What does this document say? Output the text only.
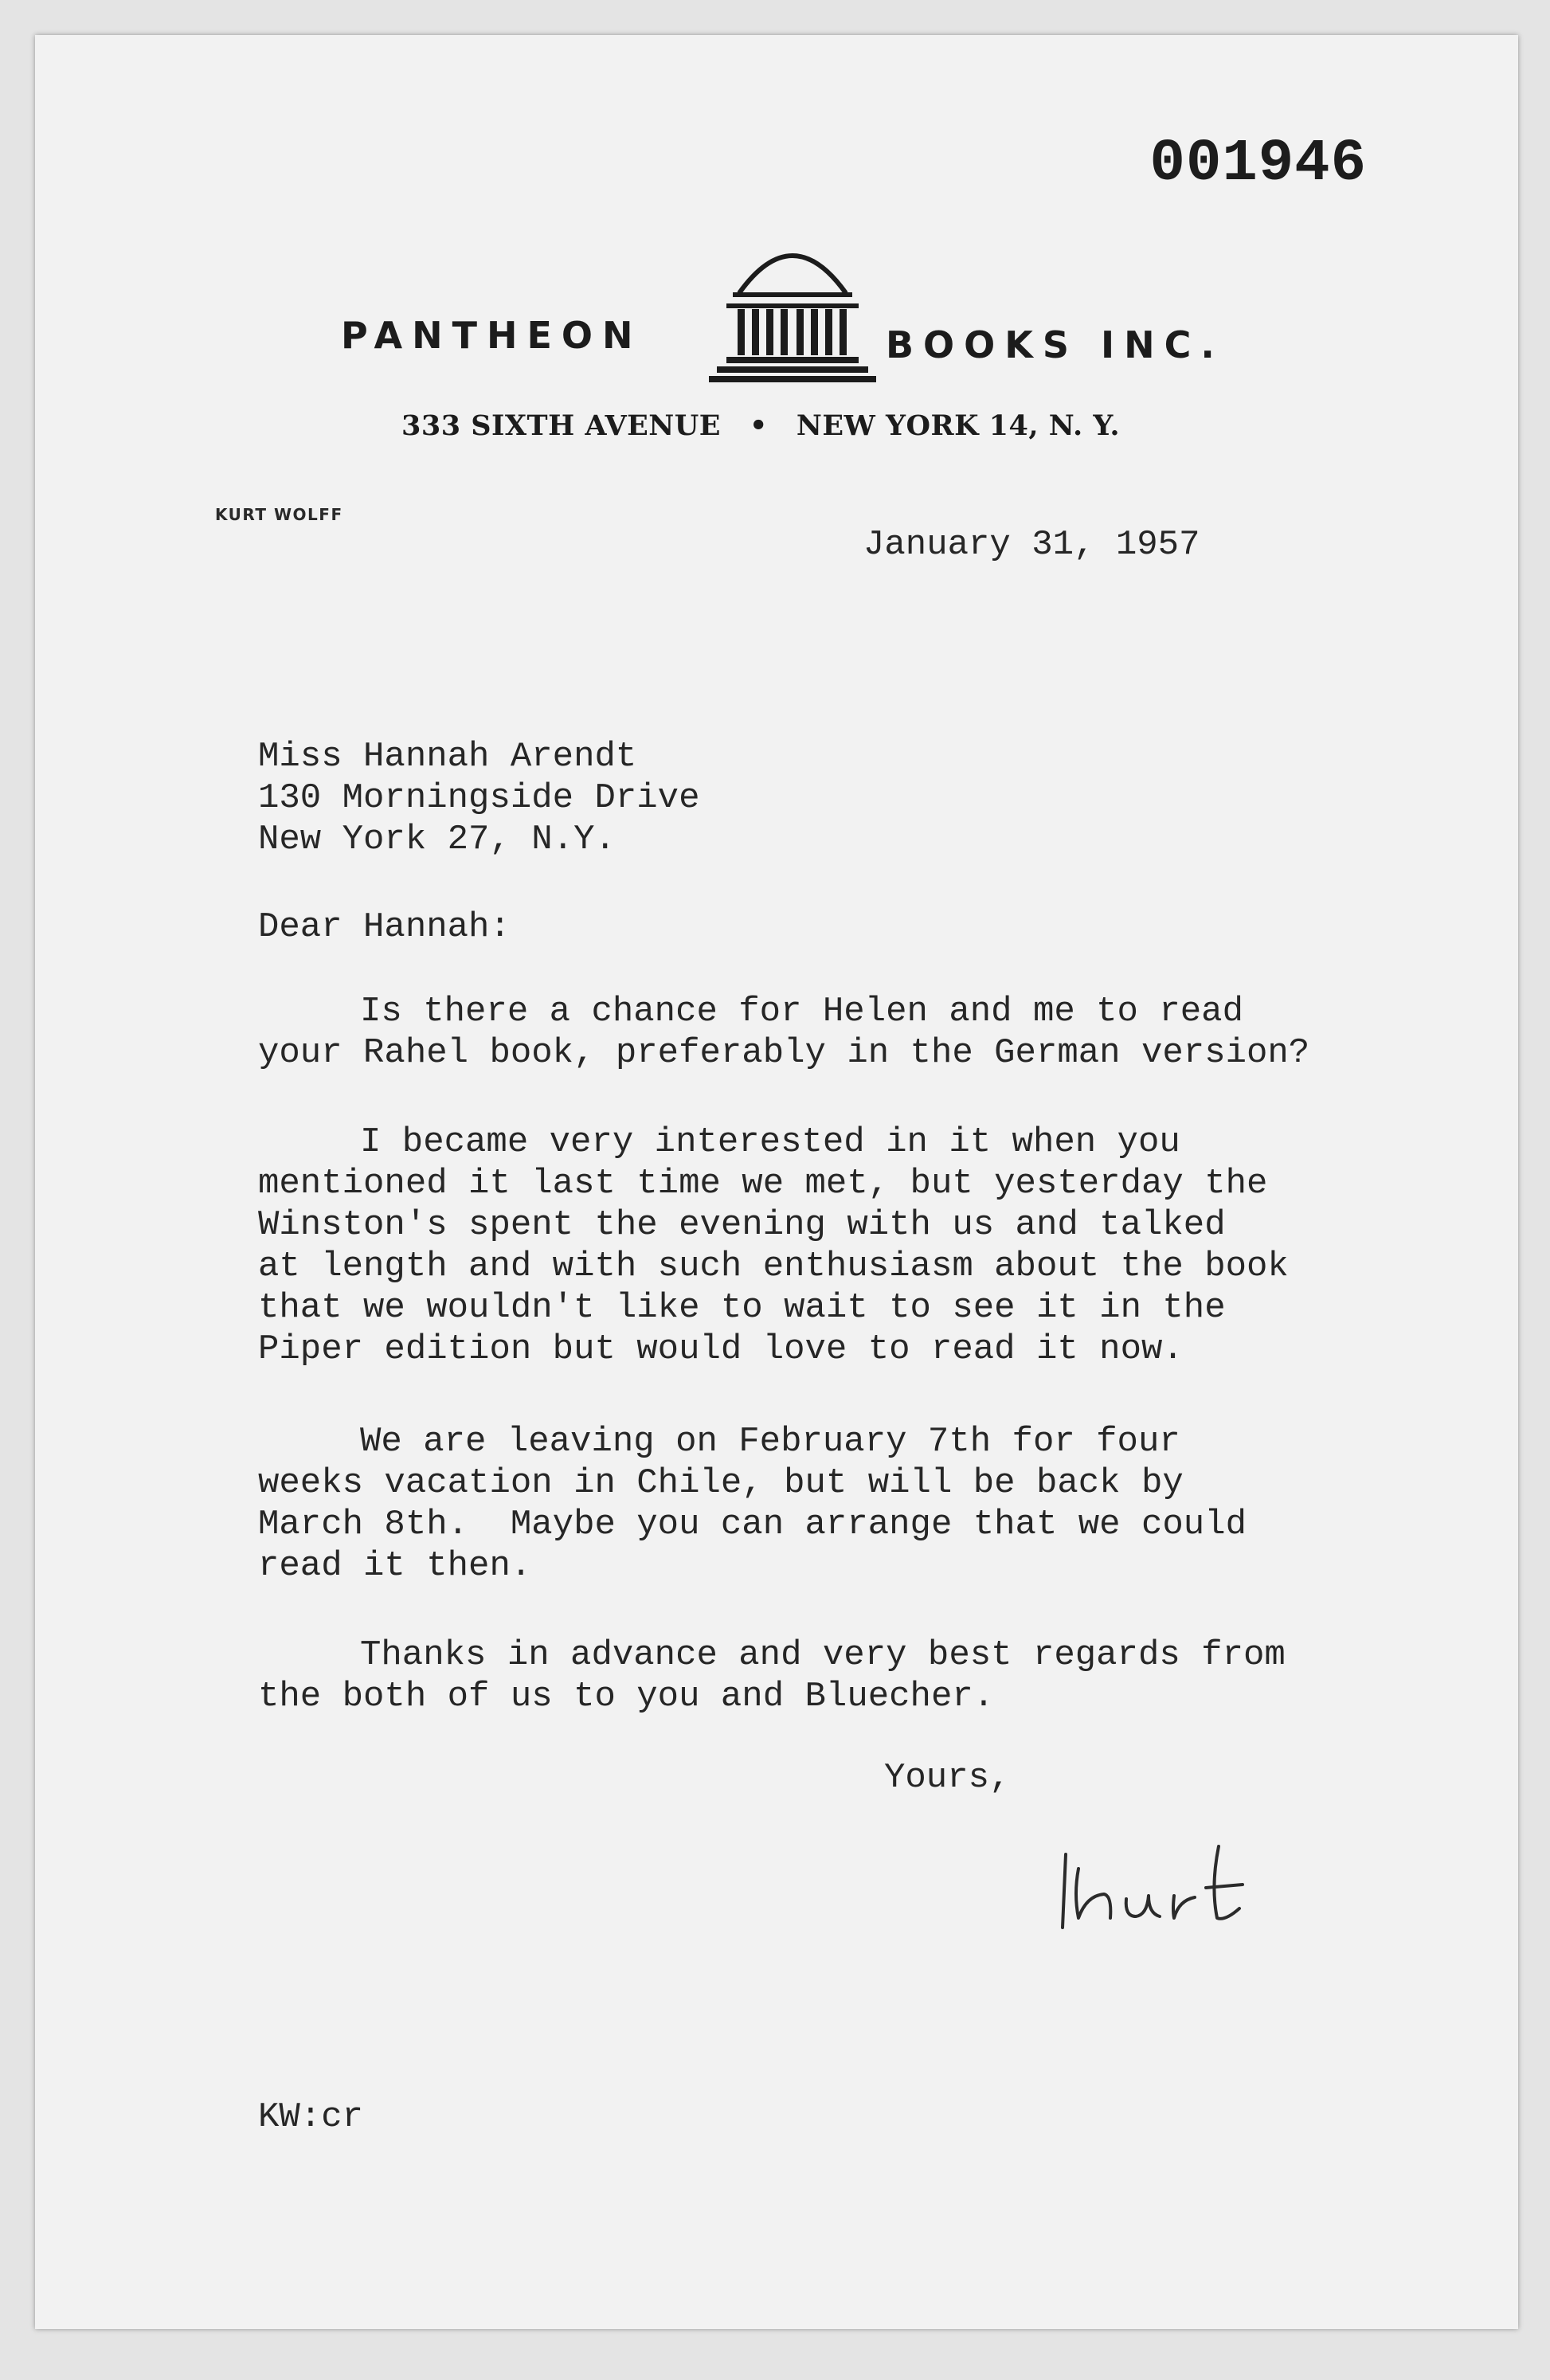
001946
PANTHEON	BOOKS INC.
333 SIXTH AVENUE • NEW YORK 14, N. Y.
KURT WOLFF
January 31, 1957
Miss Hannah Arendt
130 Morningside Drive
New York 27, N.Y.
Dear Hannah:
Is there a chance for Helen and me to read
your Rahel book, preferably in the German version?
I became very interested in it when you
mentioned it last time we met, but yesterday the
Winston's spent the evening with us and talked
at length and with such enthusiasm about the book
that we wouldn't like to wait to see it in the
Piper edition but would love to read it now.
We are leaving on February 7th for four
weeks vacation in Chile, but will be back by
March 8th.  Maybe you can arrange that we could
read it then.
Thanks in advance and very best regards from
the both of us to you and Bluecher.
Yours,
KW:cr
